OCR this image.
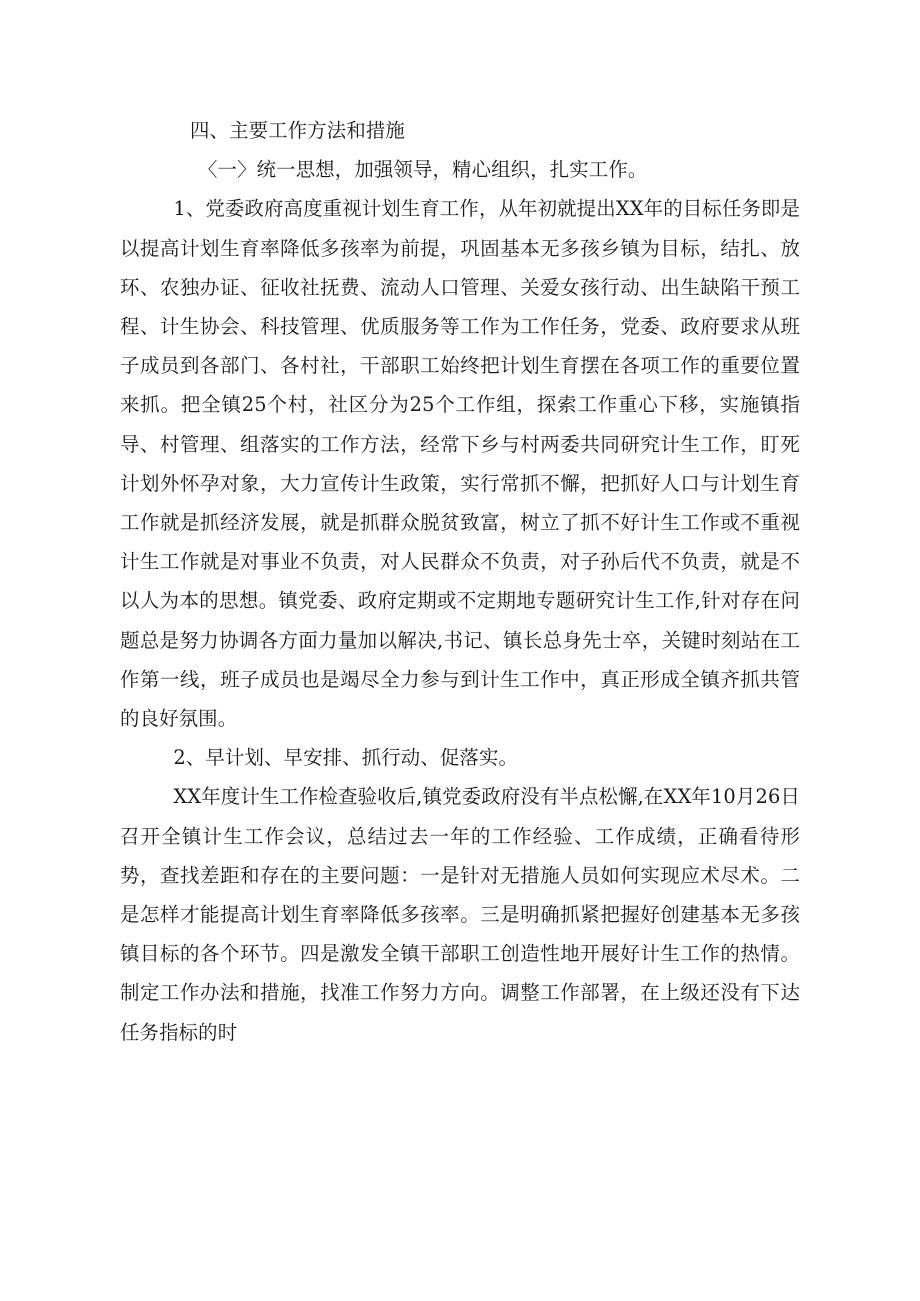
四、主要工作方法和措施

〈一〉统一思想，加强领导，精心组织，扎实工作。

1、党委政府高度重视计划生育工作，从年初就提出XX年的目标任务即是以提高计划生育率降低多孩率为前提，巩固基本无多孩乡镇为目标，结扎、放环、农独办证、征收社抚费、流动人口管理、关爱女孩行动、出生缺陷干预工程、计生协会、科技管理、优质服务等工作为工作任务，党委、政府要求从班子成员到各部门、各村社，干部职工始终把计划生育摆在各项工作的重要位置来抓。把全镇25个村，社区分为25个工作组，探索工作重心下移，实施镇指导、村管理、组落实的工作方法，经常下乡与村两委共同研究计生工作，盯死计划外怀孕对象，大力宣传计生政策，实行常抓不懈，把抓好人口与计划生育工作就是抓经济发展，就是抓群众脱贫致富，树立了抓不好计生工作或不重视计生工作就是对事业不负责，对人民群众不负责，对子孙后代不负责，就是不以人为本的思想。镇党委、政府定期或不定期地专题研究计生工作,针对存在问题总是努力协调各方面力量加以解决,书记、镇长总身先士卒，关键时刻站在工作第一线，班子成员也是竭尽全力参与到计生工作中，真正形成全镇齐抓共管的良好氛围。

2、早计划、早安排、抓行动、促落实。

XX年度计生工作检查验收后,镇党委政府没有半点松懈,在XX年10月26日召开全镇计生工作会议，总结过去一年的工作经验、工作成绩，正确看待形势，查找差距和存在的主要问题：一是针对无措施人员如何实现应术尽术。二是怎样才能提高计划生育率降低多孩率。三是明确抓紧把握好创建基本无多孩镇目标的各个环节。四是激发全镇干部职工创造性地开展好计生工作的热情。制定工作办法和措施，找准工作努力方向。调整工作部署，在上级还没有下达任务指标的时
